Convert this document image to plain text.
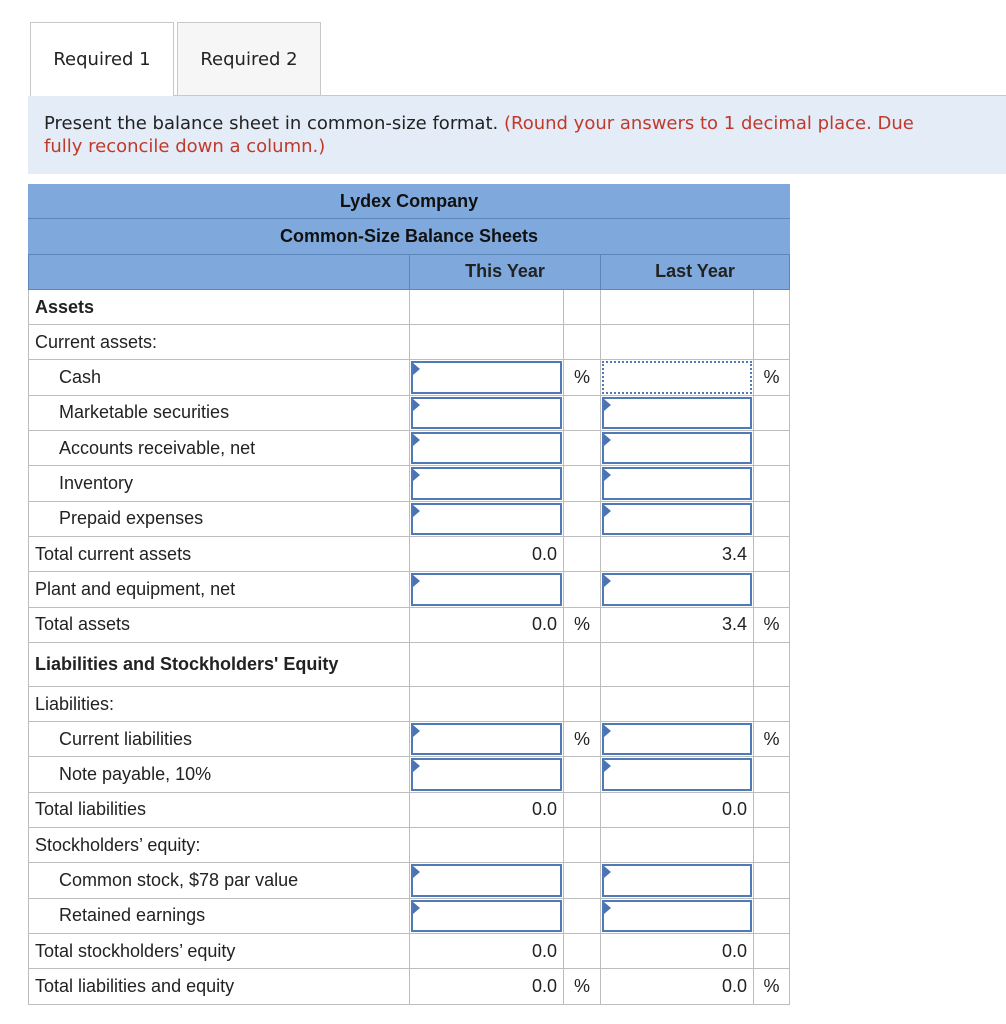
Required 1	Required 2
Present the balance sheet in common-size format. (Round your answers to 1 decimal place. Due
fully reconcile down a column.)
Lydex Company
Common-Size Balance Sheets
This Year	Last Year
Assets
Current assets:
Cash	%	%
Marketable securities
Accounts receivable, net
Inventory
Prepaid expenses
Total current assets	0.0	3.4
Plant and equipment, net
Total assets	0.0 %	3.4 %
Liabilities and Stockholders' Equity
Liabilities:
Current liabilities	%	%
Note payable, 10%
Total liabilities	0.0	0.0
Stockholders’ equity:
Common stock, $78 par value
Retained earnings
Total stockholders’ equity	0.0	0.0
Total liabilities and equity	0.0 %	0.0 %
